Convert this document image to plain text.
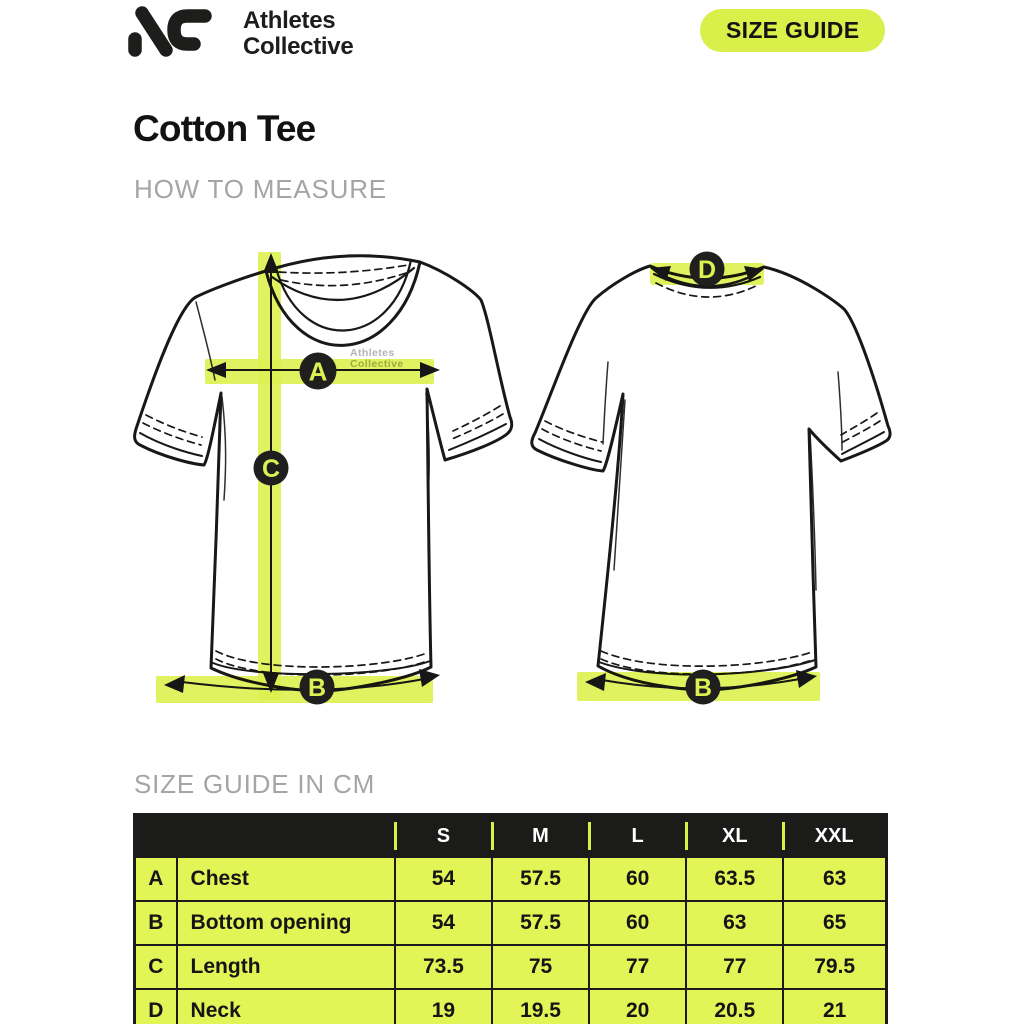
Athletes
Collective
SIZE GUIDE
Cotton Tee
HOW TO MEASURE
SIZE GUIDE IN CM
Athletes
A
C
B
D
B
		S	M	L	XL	XXL
A	Chest	54	57.5	60	63.5	63
B	Bottom opening	54	57.5	60	63	65
C	Length	73.5	75	77	77	79.5
D	Neck	19	19.5	20	20.5	21
